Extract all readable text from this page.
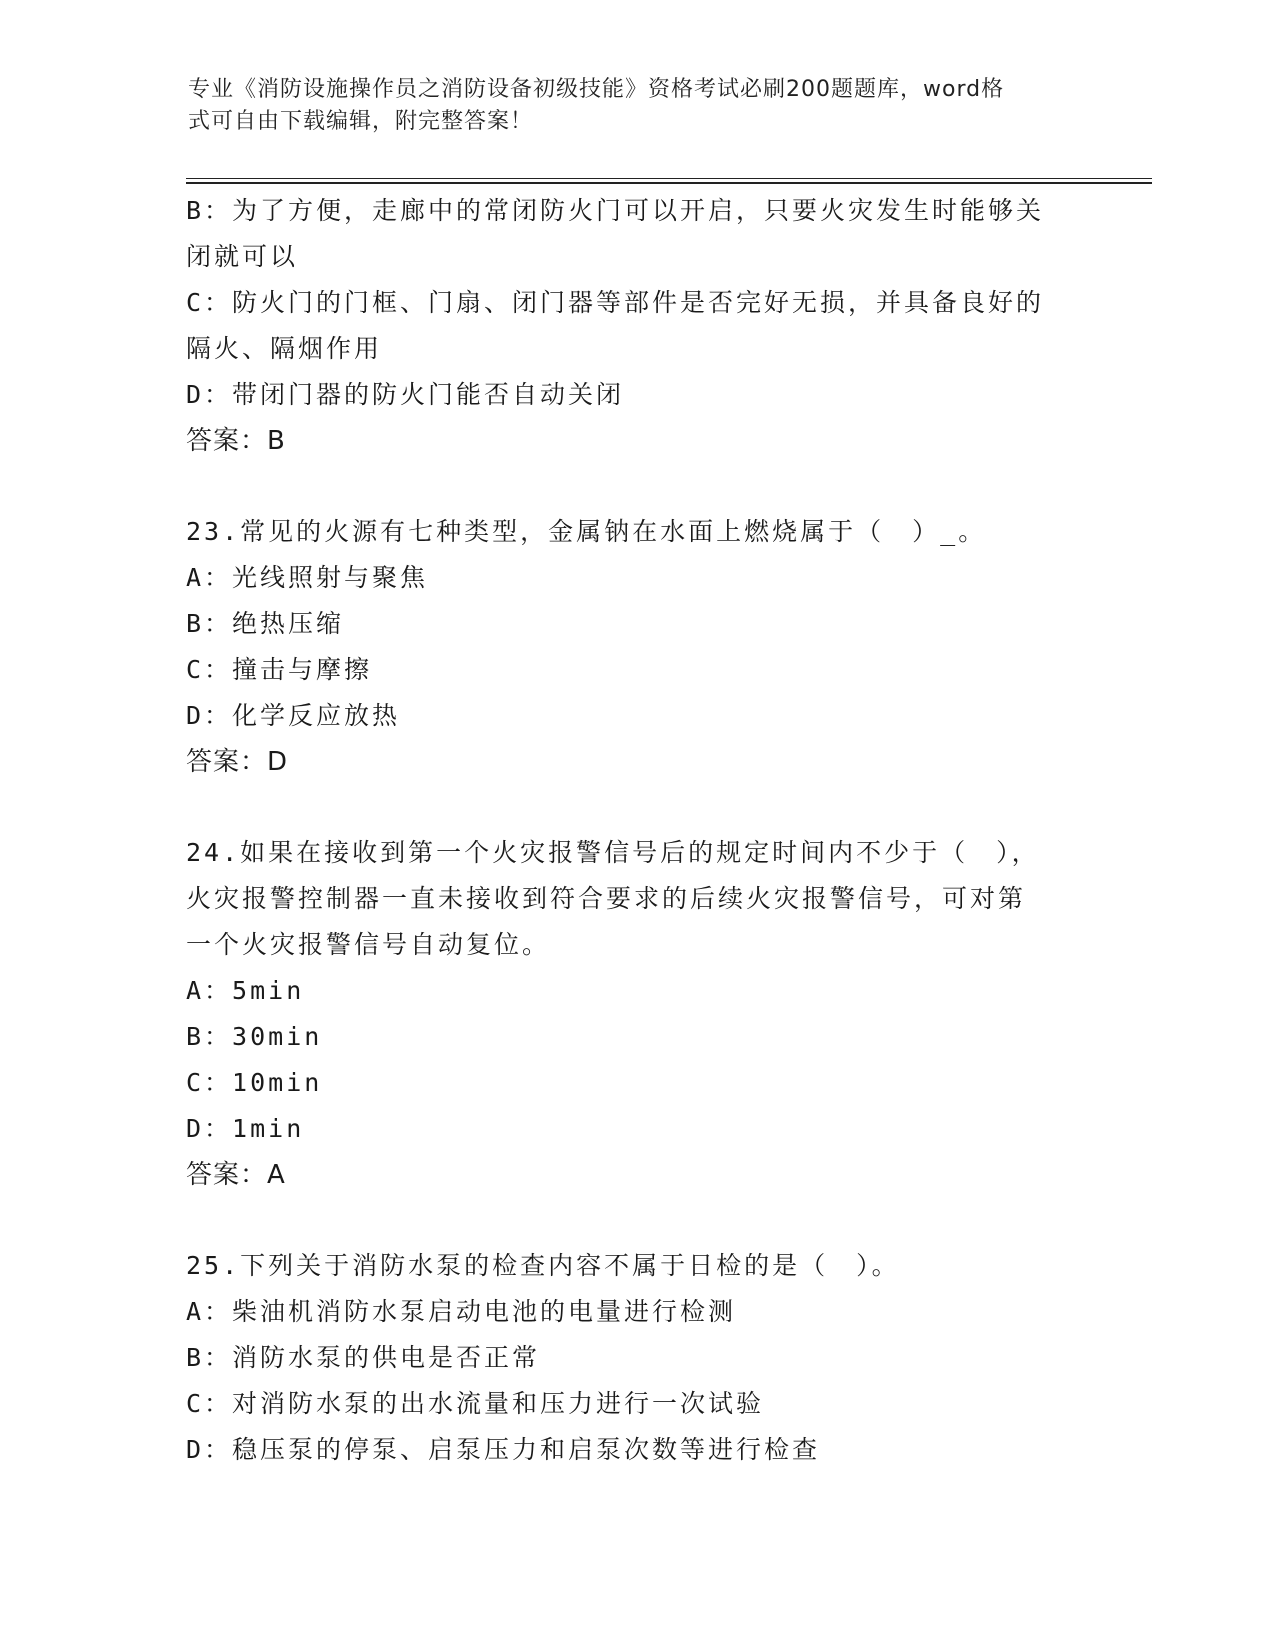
专业《消防设施操作员之消防设备初级技能》资格考试必刷200题题库，word格
式可自由下载编辑，附完整答案！
B：为了方便，走廊中的常闭防火门可以开启，只要火灾发生时能够关
闭就可以
C：防火门的门框、门扇、闭门器等部件是否完好无损，并具备良好的
隔火、隔烟作用
D：带闭门器的防火门能否自动关闭
答案：B
23.常见的火源有七种类型，金属钠在水面上燃烧属于（　）_。
A：光线照射与聚焦
B：绝热压缩
C：撞击与摩擦
D：化学反应放热
答案：D
24.如果在接收到第一个火灾报警信号后的规定时间内不少于（　），
火灾报警控制器一直未接收到符合要求的后续火灾报警信号，可对第
一个火灾报警信号自动复位。
A：5min
B：30min
C：10min
D：1min
答案：A
25.下列关于消防水泵的检查内容不属于日检的是（　）。
A：柴油机消防水泵启动电池的电量进行检测
B：消防水泵的供电是否正常
C：对消防水泵的出水流量和压力进行一次试验
D：稳压泵的停泵、启泵压力和启泵次数等进行检查
